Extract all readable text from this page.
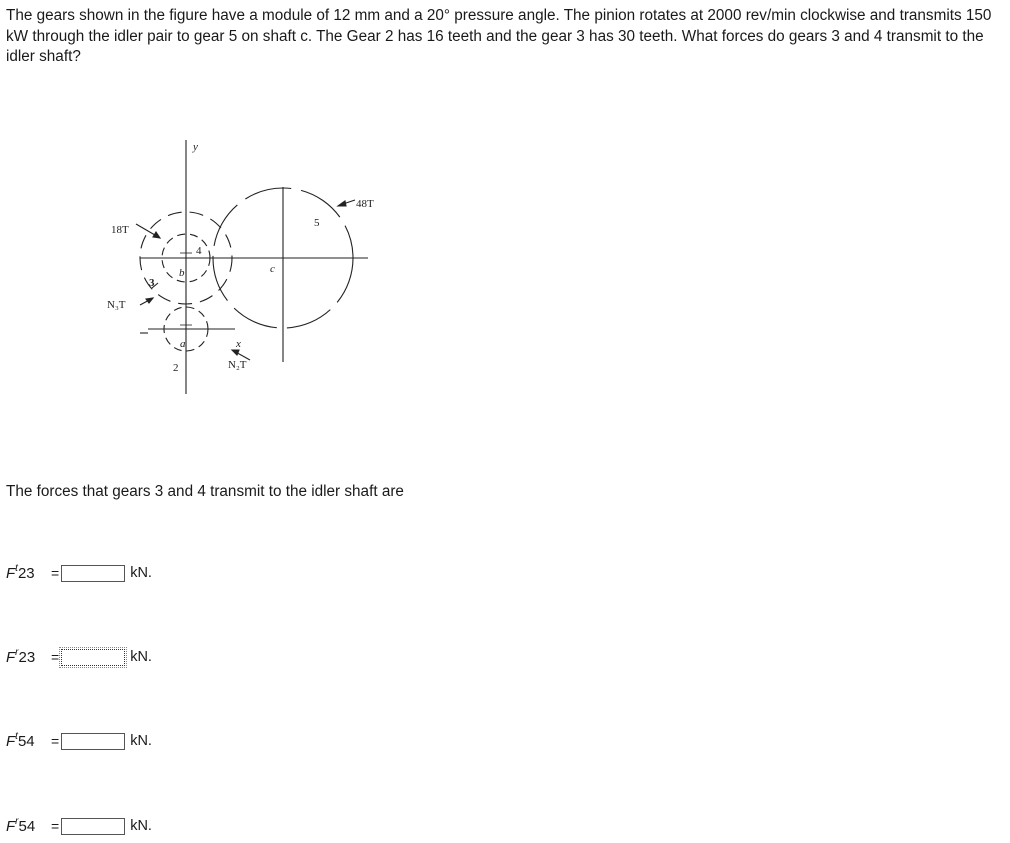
The gears shown in the figure have a module of 12 mm and a 20° pressure angle. The pinion rotates at 2000 rev/min clockwise and transmits 150 kW through the idler pair to gear 5 on shaft c. The Gear 2 has 16 teeth and the gear 3 has 30 teeth. What forces do gears 3 and 4 transmit to the idler shaft?
y
18T
48T
5
4
b	c
3
N₃T
a	x
2	N₂T
The forces that gears 3 and 4 transmit to the idler shaft are
$F^t23$	=	kN.
$F^r23$	=	kN.
$F^t54$	=	kN.
$F^r54$	=	kN.
